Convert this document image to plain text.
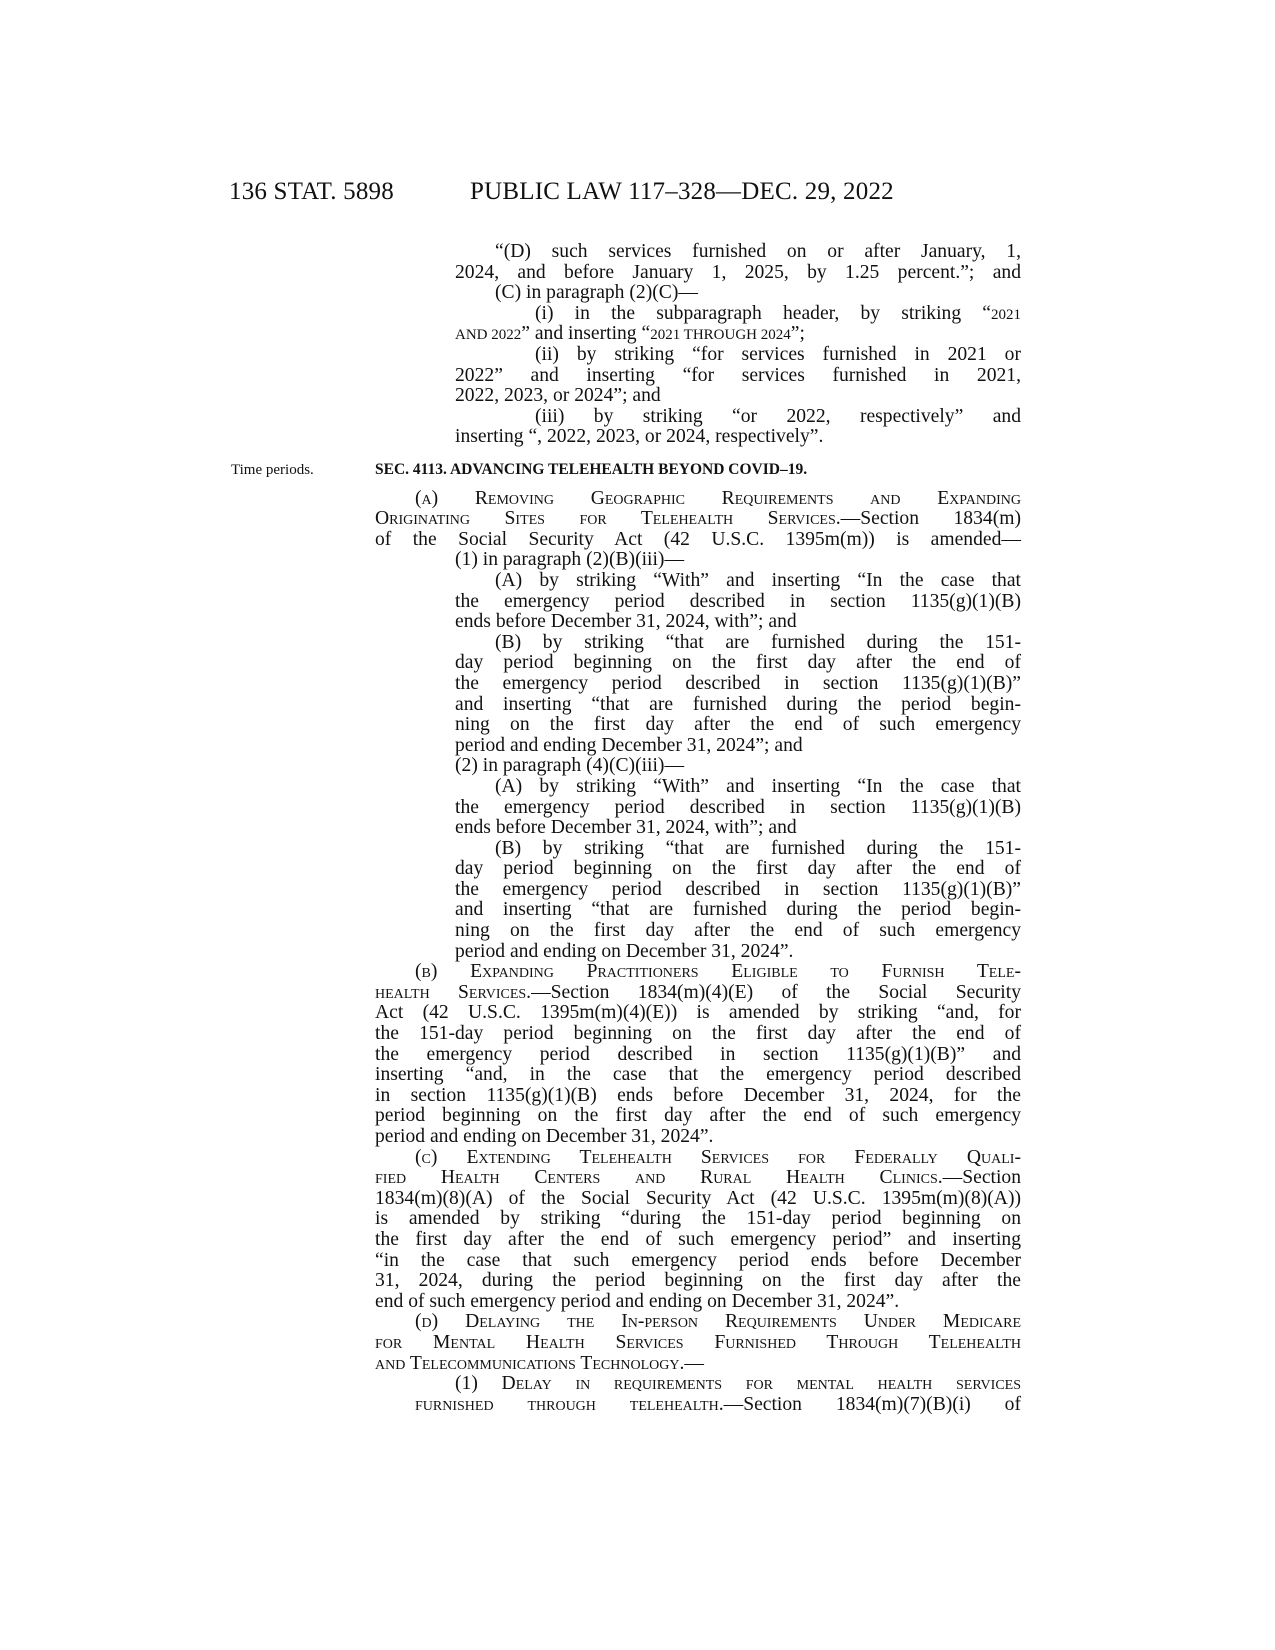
136 STAT. 5898	PUBLIC LAW 117–328—DEC. 29, 2022
Time periods.
“(D) such services furnished on or after January, 1,
2024, and before January 1, 2025, by 1.25 percent.”; and
(C) in paragraph (2)(C)—
(i) in the subparagraph header, by striking “2021
AND 2022” and inserting “2021 THROUGH 2024”;
(ii) by striking “for services furnished in 2021 or
2022” and inserting “for services furnished in 2021,
2022, 2023, or 2024”; and
(iii) by striking “or 2022, respectively” and
inserting “, 2022, 2023, or 2024, respectively”.
SEC. 4113. ADVANCING TELEHEALTH BEYOND COVID–19.
(a) Removing Geographic Requirements and Expanding
Originating Sites for Telehealth Services.—Section 1834(m)
of the Social Security Act (42 U.S.C. 1395m(m)) is amended—
(1) in paragraph (2)(B)(iii)—
(A) by striking “With” and inserting “In the case that
the emergency period described in section 1135(g)(1)(B)
ends before December 31, 2024, with”; and
(B) by striking “that are furnished during the 151-
day period beginning on the first day after the end of
the emergency period described in section 1135(g)(1)(B)”
and inserting “that are furnished during the period begin-
ning on the first day after the end of such emergency
period and ending December 31, 2024”; and
(2) in paragraph (4)(C)(iii)—
(A) by striking “With” and inserting “In the case that
the emergency period described in section 1135(g)(1)(B)
ends before December 31, 2024, with”; and
(B) by striking “that are furnished during the 151-
day period beginning on the first day after the end of
the emergency period described in section 1135(g)(1)(B)”
and inserting “that are furnished during the period begin-
ning on the first day after the end of such emergency
period and ending on December 31, 2024”.
(b) Expanding Practitioners Eligible to Furnish Tele-
health Services.—Section 1834(m)(4)(E) of the Social Security
Act (42 U.S.C. 1395m(m)(4)(E)) is amended by striking “and, for
the 151-day period beginning on the first day after the end of
the emergency period described in section 1135(g)(1)(B)” and
inserting “and, in the case that the emergency period described
in section 1135(g)(1)(B) ends before December 31, 2024, for the
period beginning on the first day after the end of such emergency
period and ending on December 31, 2024”.
(c) Extending Telehealth Services for Federally Quali-
fied Health Centers and Rural Health Clinics.—Section
1834(m)(8)(A) of the Social Security Act (42 U.S.C. 1395m(m)(8)(A))
is amended by striking “during the 151-day period beginning on
the first day after the end of such emergency period” and inserting
“in the case that such emergency period ends before December
31, 2024, during the period beginning on the first day after the
end of such emergency period and ending on December 31, 2024”.
(d) Delaying the In-person Requirements Under Medicare
for Mental Health Services Furnished Through Telehealth
and Telecommunications Technology.—
(1) Delay in requirements for mental health services
furnished through telehealth.—Section 1834(m)(7)(B)(i) of
